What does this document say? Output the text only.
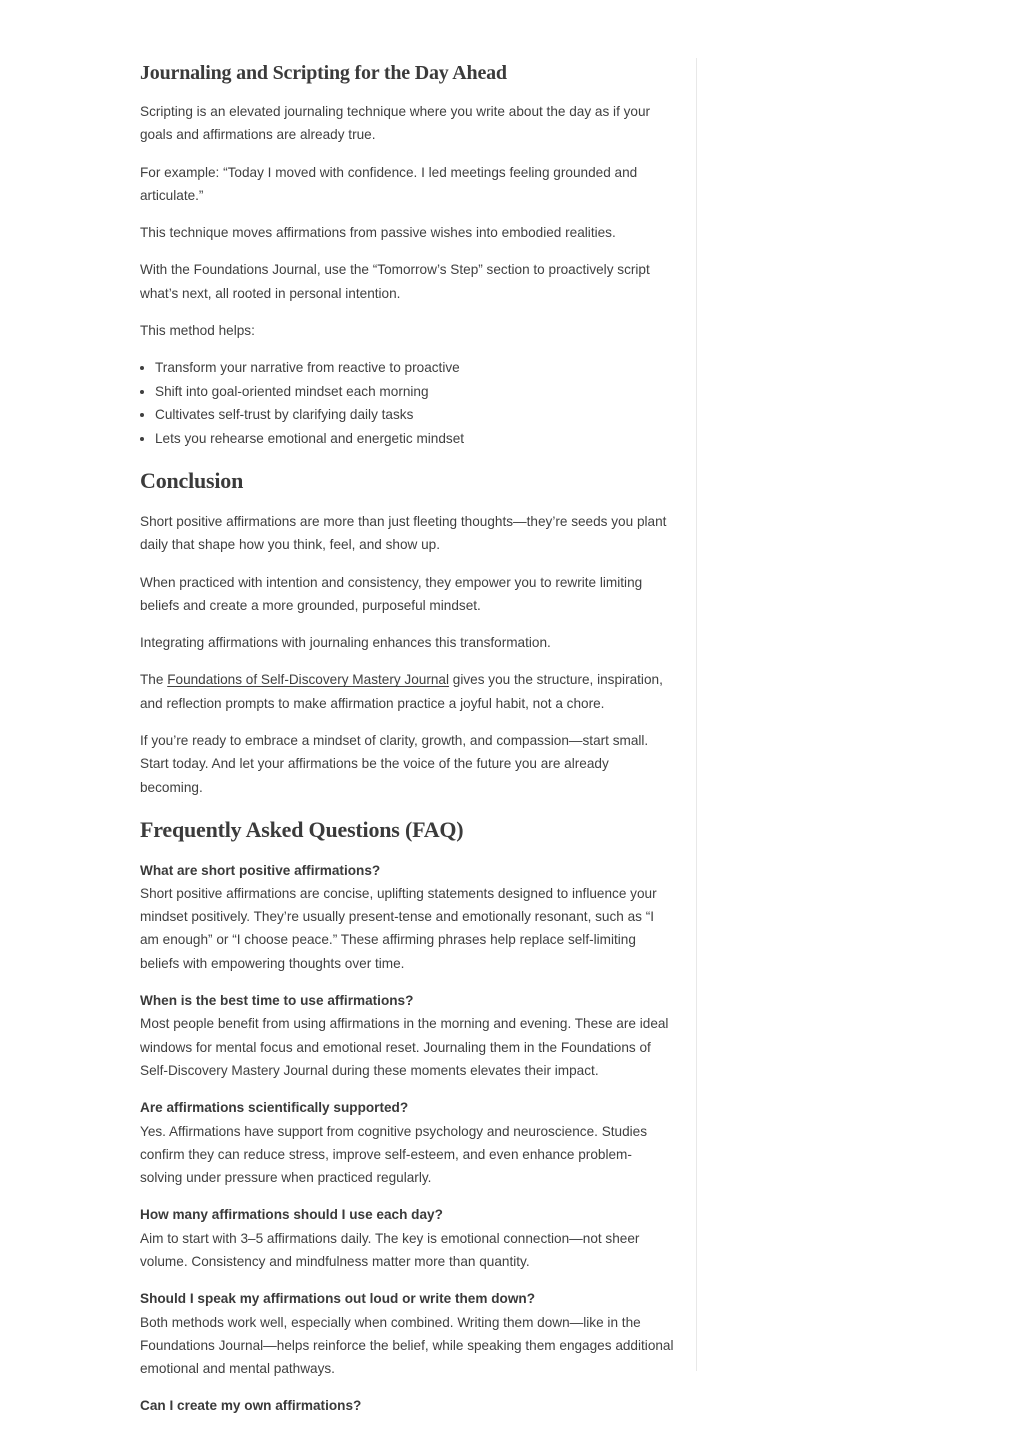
Journaling and Scripting for the Day Ahead

Scripting is an elevated journaling technique where you write about the day as if your goals and affirmations are already true.

For example: “Today I moved with confidence. I led meetings feeling grounded and articulate.”

This technique moves affirmations from passive wishes into embodied realities.

With the Foundations Journal, use the “Tomorrow’s Step” section to proactively script what’s next, all rooted in personal intention.

This method helps:

• Transform your narrative from reactive to proactive
• Shift into goal-oriented mindset each morning
• Cultivates self-trust by clarifying daily tasks
• Lets you rehearse emotional and energetic mindset
Conclusion

Short positive affirmations are more than just fleeting thoughts—they’re seeds you plant daily that shape how you think, feel, and show up.

When practiced with intention and consistency, they empower you to rewrite limiting beliefs and create a more grounded, purposeful mindset.

Integrating affirmations with journaling enhances this transformation.

The Foundations of Self-Discovery Mastery Journal gives you the structure, inspiration, and reflection prompts to make affirmation practice a joyful habit, not a chore.

If you’re ready to embrace a mindset of clarity, growth, and compassion—start small. Start today. And let your affirmations be the voice of the future you are already becoming.

Frequently Asked Questions (FAQ)

What are short positive affirmations?
Short positive affirmations are concise, uplifting statements designed to influence your mindset positively. They’re usually present-tense and emotionally resonant, such as “I am enough” or “I choose peace.” These affirming phrases help replace self-limiting beliefs with empowering thoughts over time.

When is the best time to use affirmations?
Most people benefit from using affirmations in the morning and evening. These are ideal windows for mental focus and emotional reset. Journaling them in the Foundations of Self-Discovery Mastery Journal during these moments elevates their impact.

Are affirmations scientifically supported?
Yes. Affirmations have support from cognitive psychology and neuroscience. Studies confirm they can reduce stress, improve self-esteem, and even enhance problem-solving under pressure when practiced regularly.

How many affirmations should I use each day?
Aim to start with 3–5 affirmations daily. The key is emotional connection—not sheer volume. Consistency and mindfulness matter more than quantity.

Should I speak my affirmations out loud or write them down?
Both methods work well, especially when combined. Writing them down—like in the Foundations Journal—helps reinforce the belief, while speaking them engages additional emotional and mental pathways.

Can I create my own affirmations?
